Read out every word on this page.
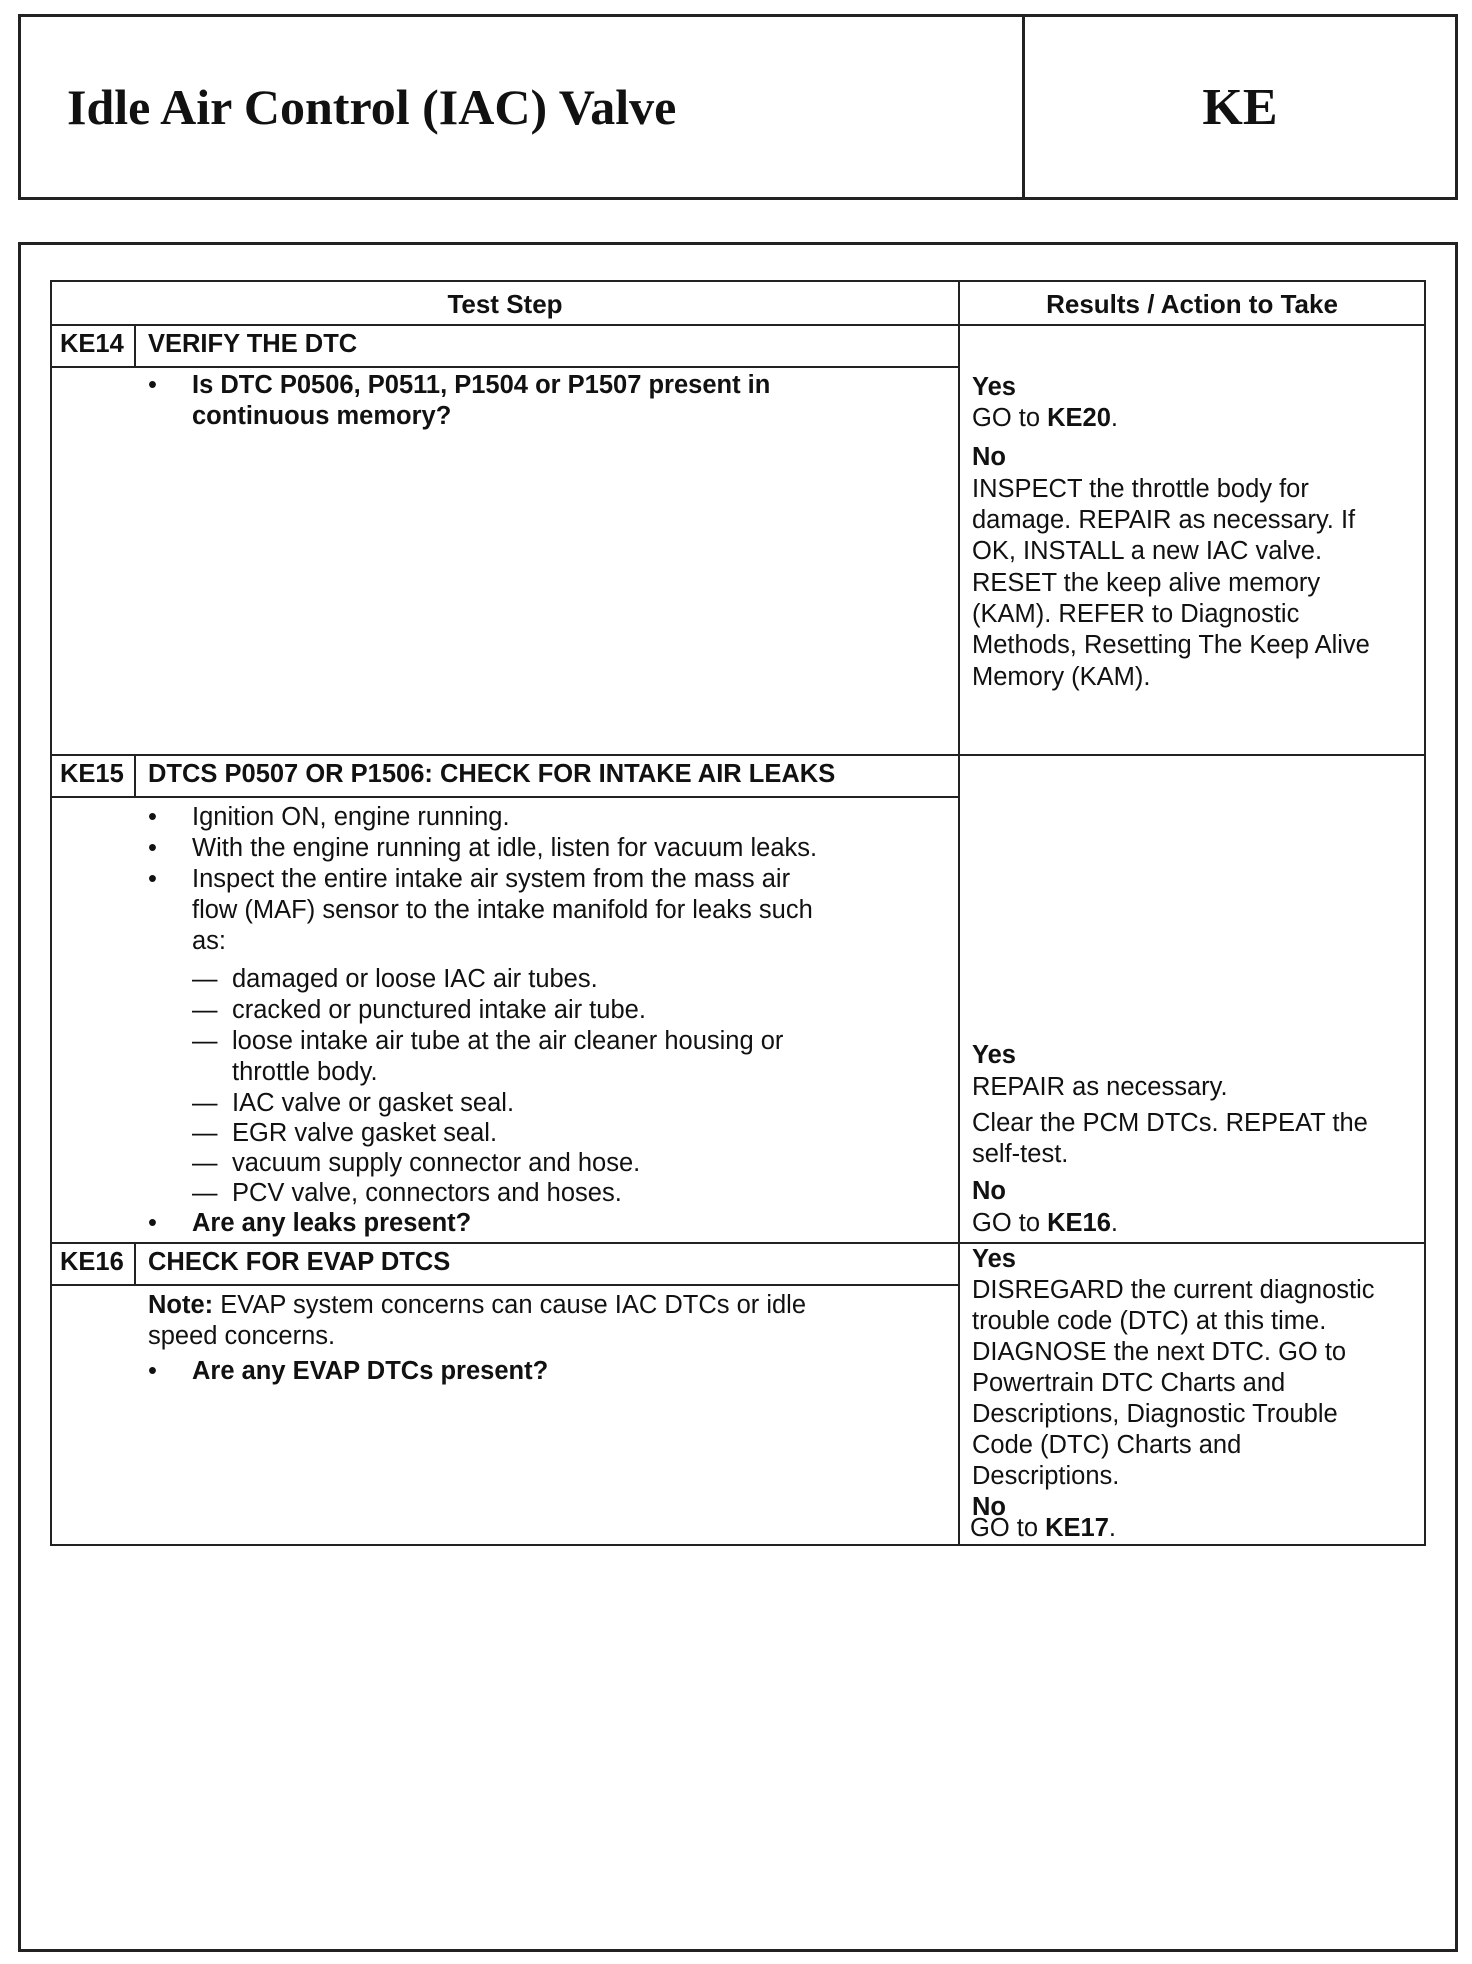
Idle Air Control (IAC) Valve	KE
Test Step	Results / Action to Take
KE14 VERIFY THE DTC
• Is DTC P0506, P0511, P1504 or P1507 present in
continuous memory?
Yes
GO to KE20.
No
INSPECT the throttle body for
damage. REPAIR as necessary. If
OK, INSTALL a new IAC valve.
RESET the keep alive memory
(KAM). REFER to Diagnostic
Methods, Resetting The Keep Alive
Memory (KAM).
KE15 DTCS P0507 OR P1506: CHECK FOR INTAKE AIR LEAKS
• Ignition ON, engine running.
• With the engine running at idle, listen for vacuum leaks.
• Inspect the entire intake air system from the mass air
flow (MAF) sensor to the intake manifold for leaks such
as:
— damaged or loose IAC air tubes.
— cracked or punctured intake air tube.
— loose intake air tube at the air cleaner housing or
throttle body.
— IAC valve or gasket seal.
— EGR valve gasket seal.
— vacuum supply connector and hose.
— PCV valve, connectors and hoses.
• Are any leaks present?
Yes
REPAIR as necessary.
Clear the PCM DTCs. REPEAT the
self-test.
No
GO to KE16.
KE16 CHECK FOR EVAP DTCS
Note: EVAP system concerns can cause IAC DTCs or idle
speed concerns.
• Are any EVAP DTCs present?
Yes
DISREGARD the current diagnostic
trouble code (DTC) at this time.
DIAGNOSE the next DTC. GO to
Powertrain DTC Charts and
Descriptions, Diagnostic Trouble
Code (DTC) Charts and
Descriptions.
No
GO to KE17.
